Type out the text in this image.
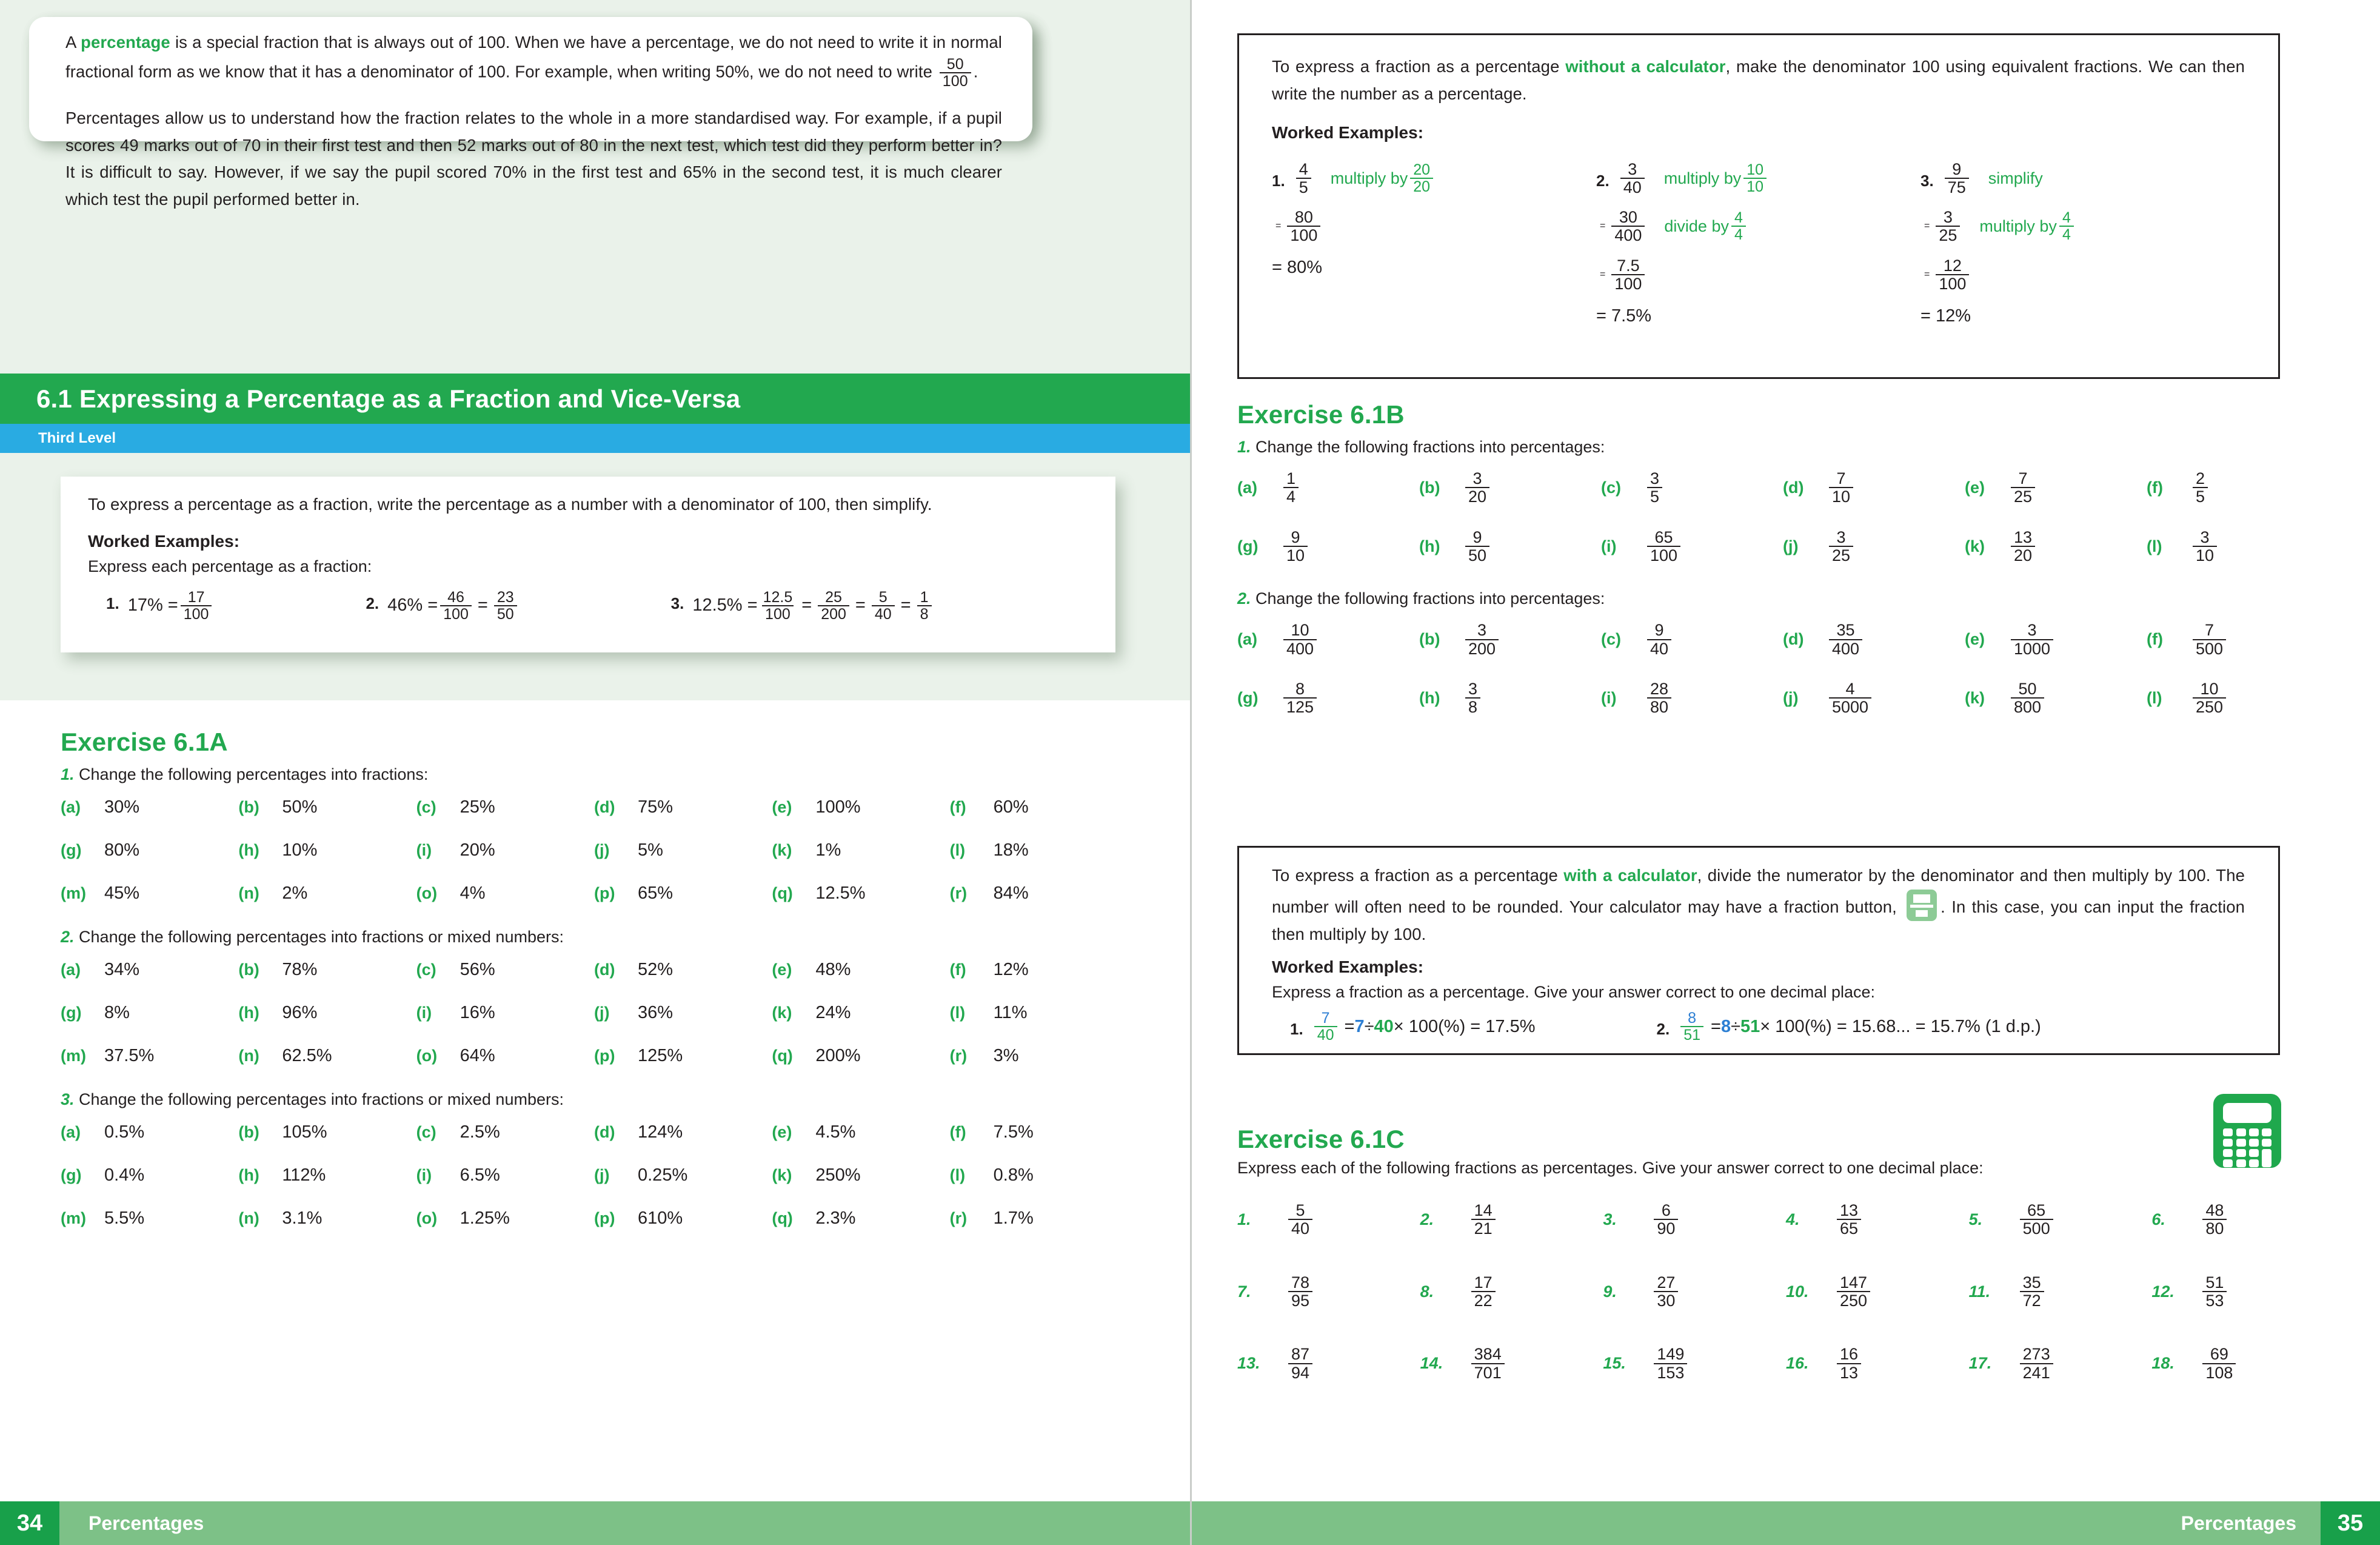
A percentage is a special fraction that is always out of 100. When we have a percentage, we do not need to write it in normal fractional form as we know that it has a denominator of 100. For example, when writing 50%, we do not need to write $\frac{50}{100}$ .
Percentages allow us to understand how the fraction relates to the whole in a more standardised way. For example, if a pupil scores 49 marks out of 70 in their first test and then 52 marks out of 80 in the next test, which test did they perform better in? It is difficult to say. However, if we say the pupil scored 70% in the first test and 65% in the second test, it is much clearer which test the pupil performed better in.
6.1 Expressing a Percentage as a Fraction and Vice-Versa
Third Level
To express a percentage as a fraction, write the percentage as a number with a denominator of 100, then simplify.
Worked Examples:
Express each percentage as a fraction:
1. $17\% = \frac{17}{100}$	2. $46\% = \frac{46}{100} = \frac{23}{50}$	3. $12.5\% = \frac{12.5}{100} = \frac{25}{200} = \frac{5}{40} = \frac{1}{8}$
Exercise 6.1A
1. Change the following percentages into fractions:
(a)	30%	(b)	50%	(c)	25%	(d)	75%	(e)	100%	(f)	60%
(g)	80%	(h)	10%	(i)	20%	(j)	5%	(k)	1%	(l)	18%
(m)	45%	(n)	2%	(o)	4%	(p)	65%	(q)	12.5%	(r)	84%
2. Change the following percentages into fractions or mixed numbers:
(a)	34%	(b)	78%	(c)	56%	(d)	52%	(e)	48%	(f)	12%
(g)	8%	(h)	96%	(i)	16%	(j)	36%	(k)	24%	(l)	11%
(m)	37.5%	(n)	62.5%	(o)	64%	(p)	125%	(q)	200%	(r)	3%
3. Change the following percentages into fractions or mixed numbers:
(a)	0.5%	(b)	105%	(c)	2.5%	(d)	124%	(e)	4.5%	(f)	7.5%
(g)	0.4%	(h)	112%	(i)	6.5%	(j)	0.25%	(k)	250%	(l)	0.8%
(m)	5.5%	(n)	3.1%	(o)	1.25%	(p)	610%	(q)	2.3%	(r)	1.7%
34	Percentages
To express a fraction as a percentage without a calculator, make the denominator 100 using equivalent fractions. We can then write the number as a percentage.
Worked Examples:
1. $\frac{4}{5}$ multiply by $\frac{20}{20}$
= $\frac{80}{100}$
= 80%
2. $\frac{3}{40}$ multiply by $\frac{10}{10}$
= $\frac{30}{400}$ divide by $\frac{4}{4}$
= $\frac{7.5}{100}$
= 7.5%
3. $\frac{9}{75}$ simplify
= $\frac{3}{25}$ multiply by $\frac{4}{4}$
= $\frac{12}{100}$
= 12%
Exercise 6.1B
1. Change the following fractions into percentages:
(a)	$\frac{1}{4}$	(b)	$\frac{3}{20}$	(c)	$\frac{3}{5}$	(d)	$\frac{7}{10}$	(e)	$\frac{7}{25}$	(f)	$\frac{2}{5}$
(g)	$\frac{9}{10}$	(h)	$\frac{9}{50}$	(i)	$\frac{65}{100}$	(j)	$\frac{3}{25}$	(k)	$\frac{13}{20}$	(l)	$\frac{3}{10}$
2. Change the following fractions into percentages:
(a)	$\frac{10}{400}$	(b)	$\frac{3}{200}$	(c)	$\frac{9}{40}$	(d)	$\frac{35}{400}$	(e)	$\frac{3}{1000}$	(f)	$\frac{7}{500}$
(g)	$\frac{8}{125}$	(h)	$\frac{3}{8}$	(i)	$\frac{28}{80}$	(j)	$\frac{4}{5000}$	(k)	$\frac{50}{800}$	(l)	$\frac{10}{250}$
To express a fraction as a percentage with a calculator, divide the numerator by the denominator and then multiply by 100. The number will often need to be rounded. Your calculator may have a fraction button,
. In this case, you can input the fraction then multiply by 100.
Worked Examples:
Express a fraction as a percentage. Give your answer correct to one decimal place:
1. $\frac{7}{40} = 7 \div 40 \times 100(\%) = 17.5\%$	2. $\frac{8}{51} = 8 \div 51 \times 100(\%) = 15.68$... = 15.7% (1 d.p.)
Exercise 6.1C
Express each of the following fractions as percentages. Give your answer correct to one decimal place:
1.	$\frac{5}{40}$	2.	$\frac{14}{21}$	3.	$\frac{6}{90}$	4.	$\frac{13}{65}$	5.	$\frac{65}{500}$	6.	$\frac{48}{80}$
7.	$\frac{78}{95}$	8.	$\frac{17}{22}$	9.	$\frac{27}{30}$	10.	$\frac{147}{250}$	11.	$\frac{35}{72}$	12.	$\frac{51}{53}$
13.	$\frac{87}{94}$	14.	$\frac{384}{701}$	15.	$\frac{149}{153}$	16.	$\frac{16}{13}$	17.	$\frac{273}{241}$	18.	$\frac{69}{108}$
Percentages	35
